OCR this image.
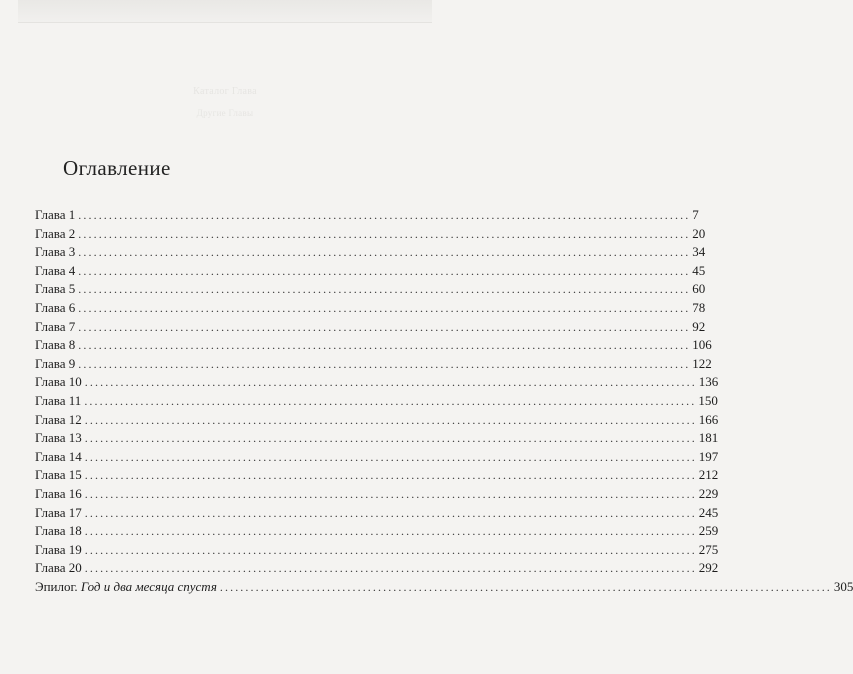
Каталог Глава
Другие Главы
Оглавление
Глава 1 ........................................................................................................................ 7
Глава 2 ........................................................................................................................ 20
Глава 3 ........................................................................................................................ 34
Глава 4 ........................................................................................................................ 45
Глава 5 ........................................................................................................................ 60
Глава 6 ........................................................................................................................ 78
Глава 7 ........................................................................................................................ 92
Глава 8 ........................................................................................................................ 106
Глава 9 ........................................................................................................................ 122
Глава 10 ........................................................................................................................ 136
Глава 11 ........................................................................................................................ 150
Глава 12 ........................................................................................................................ 166
Глава 13 ........................................................................................................................ 181
Глава 14 ........................................................................................................................ 197
Глава 15 ........................................................................................................................ 212
Глава 16 ........................................................................................................................ 229
Глава 17 ........................................................................................................................ 245
Глава 18 ........................................................................................................................ 259
Глава 19 ........................................................................................................................ 275
Глава 20 ........................................................................................................................ 292
Эпилог. Год и два месяца спустя ........................................................................................................................ 305
